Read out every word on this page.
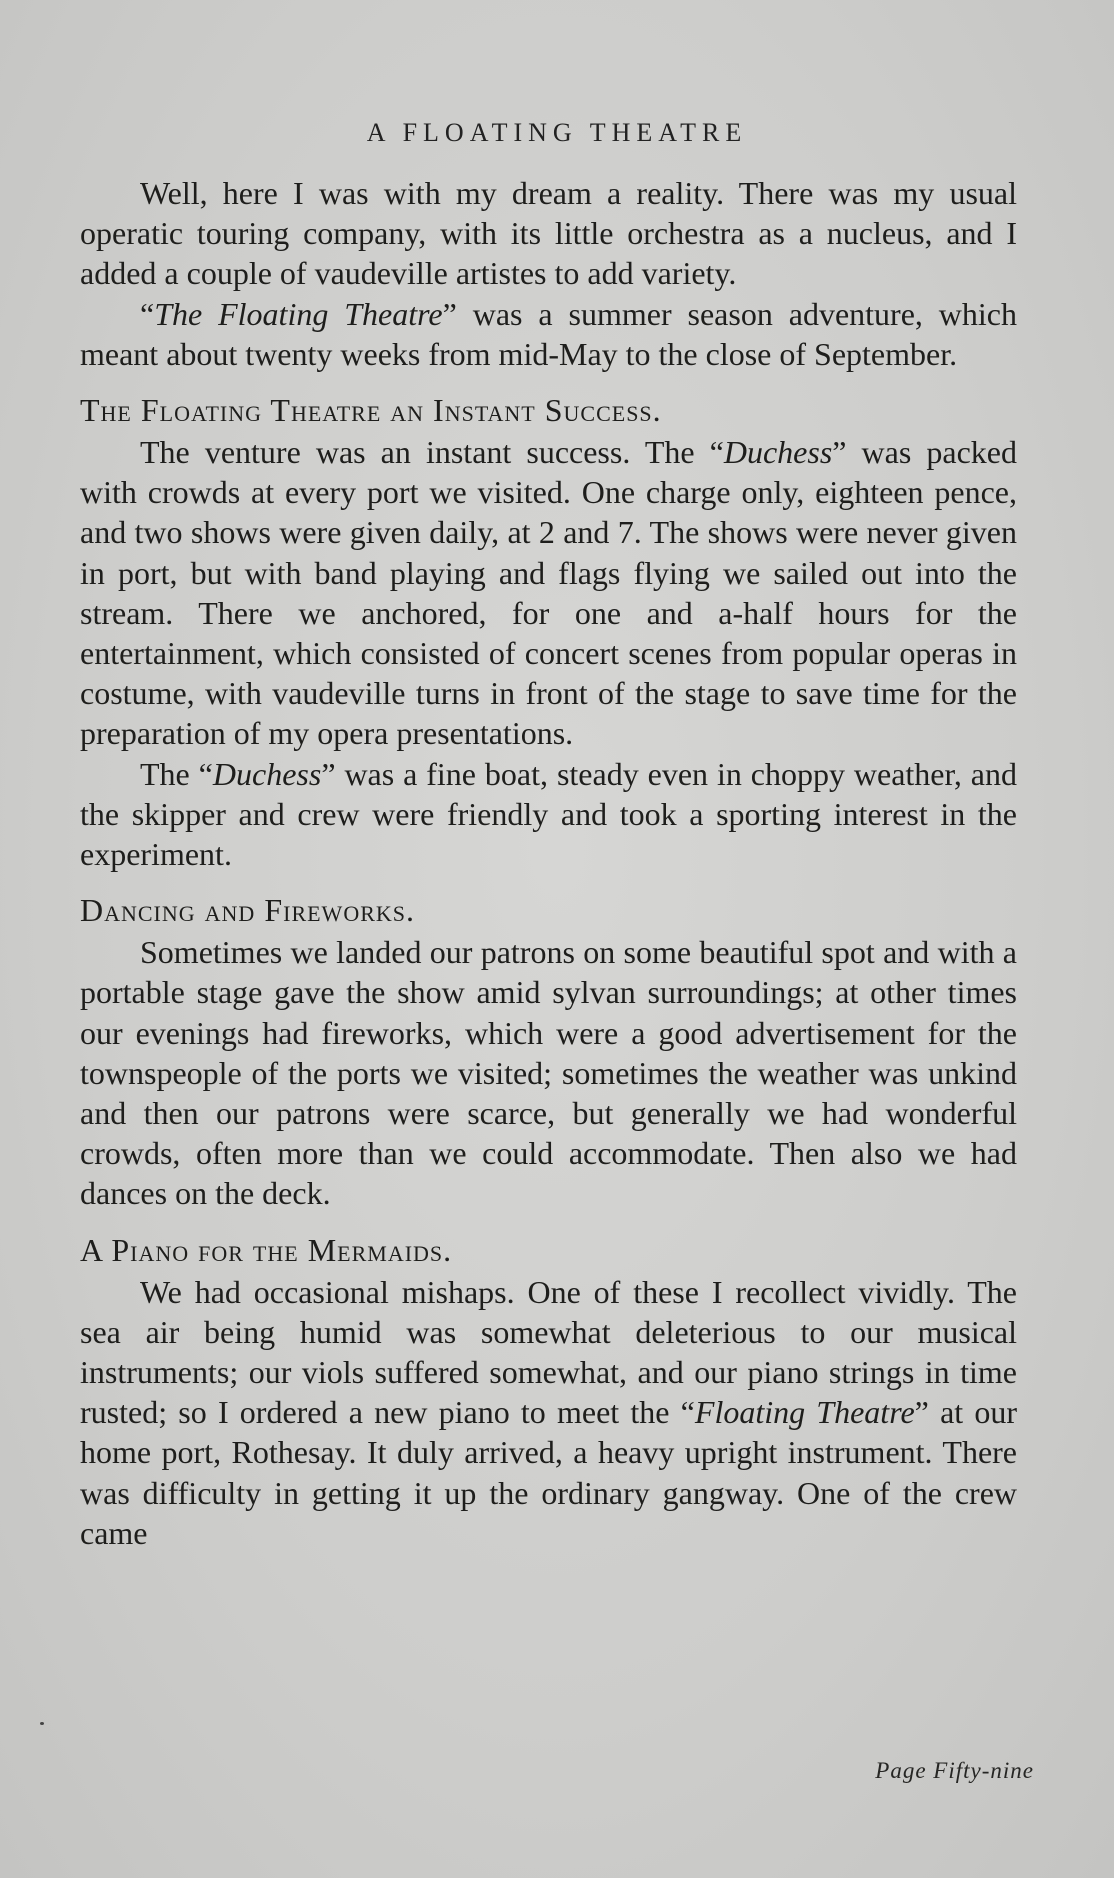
A FLOATING THEATRE

Well, here I was with my dream a reality. There was my usual operatic touring company, with its little orchestra as a nucleus, and I added a couple of vaudeville artistes to add variety.

“The Floating Theatre” was a summer season adventure, which meant about twenty weeks from mid-May to the close of September.

The Floating Theatre an Instant Success.

The venture was an instant success. The “Duchess” was packed with crowds at every port we visited. One charge only, eighteen pence, and two shows were given daily, at 2 and 7. The shows were never given in port, but with band playing and flags flying we sailed out into the stream. There we anchored, for one and a-half hours for the entertainment, which consisted of concert scenes from popular operas in costume, with vaudeville turns in front of the stage to save time for the preparation of my opera presentations.

The “Duchess” was a fine boat, steady even in choppy weather, and the skipper and crew were friendly and took a sporting interest in the experiment.

Dancing and Fireworks.

Sometimes we landed our patrons on some beautiful spot and with a portable stage gave the show amid sylvan surroundings; at other times our evenings had fireworks, which were a good advertisement for the townspeople of the ports we visited; sometimes the weather was unkind and then our patrons were scarce, but generally we had wonderful crowds, often more than we could accommodate. Then also we had dances on the deck.

A Piano for the Mermaids.

We had occasional mishaps. One of these I recollect vividly. The sea air being humid was somewhat deleterious to our musical instruments; our viols suffered somewhat, and our piano strings in time rusted; so I ordered a new piano to meet the “Floating Theatre” at our home port, Rothesay. It duly arrived, a heavy upright instrument. There was difficulty in getting it up the ordinary gangway. One of the crew came

Page Fifty-nine
